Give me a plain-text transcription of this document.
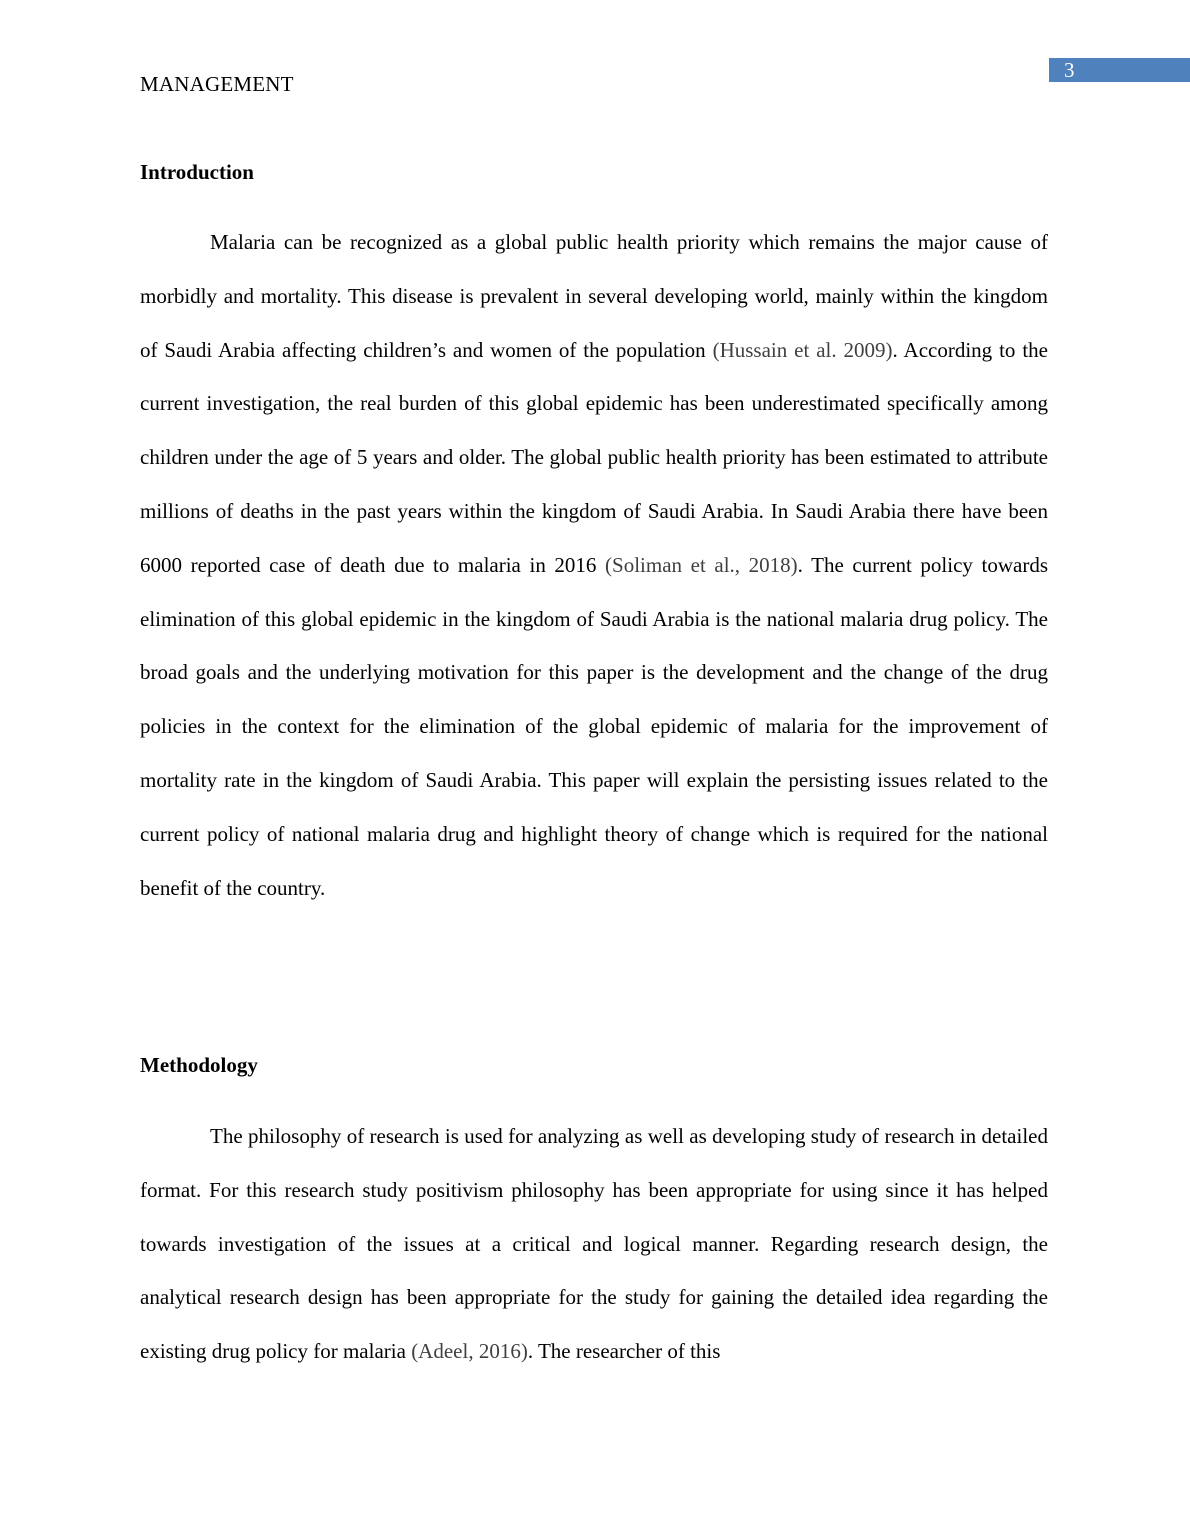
3
MANAGEMENT
Introduction

Malaria can be recognized as a global public health priority which remains the major cause of morbidly and mortality. This disease is prevalent in several developing world, mainly within the kingdom of Saudi Arabia affecting children’s and women of the population (Hussain et al. 2009). According to the current investigation, the real burden of this global epidemic has been underestimated specifically among children under the age of 5 years and older. The global public health priority has been estimated to attribute millions of deaths in the past years within the kingdom of Saudi Arabia. In Saudi Arabia there have been 6000 reported case of death due to malaria in 2016 (Soliman et al., 2018). The current policy towards elimination of this global epidemic in the kingdom of Saudi Arabia is the national malaria drug policy. The broad goals and the underlying motivation for this paper is the development and the change of the drug policies in the context for the elimination of the global epidemic of malaria for the improvement of mortality rate in the kingdom of Saudi Arabia. This paper will explain the persisting issues related to the current policy of national malaria drug and highlight theory of change which is required for the national benefit of the country.

Methodology

The philosophy of research is used for analyzing as well as developing study of research in detailed format. For this research study positivism philosophy has been appropriate for using since it has helped towards investigation of the issues at a critical and logical manner. Regarding research design, the analytical research design has been appropriate for the study for gaining the detailed idea regarding the existing drug policy for malaria (Adeel, 2016). The researcher of this
